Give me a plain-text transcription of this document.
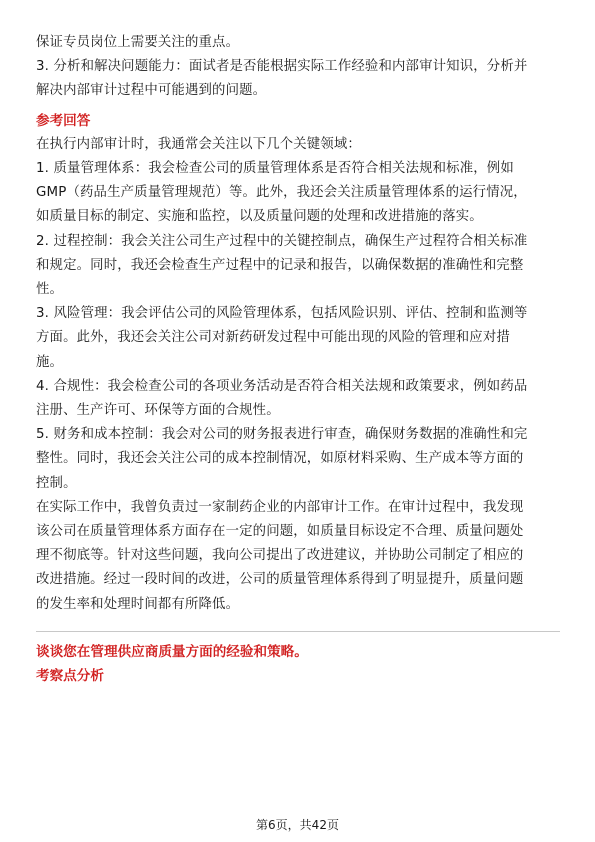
保证专员岗位上需要关注的重点。
3. 分析和解决问题能力：面试者是否能根据实际工作经验和内部审计知识，分析并
解决内部审计过程中可能遇到的问题。
参考回答
在执行内部审计时，我通常会关注以下几个关键领域：
1. 质量管理体系：我会检查公司的质量管理体系是否符合相关法规和标准，例如
GMP（药品生产质量管理规范）等。此外，我还会关注质量管理体系的运行情况，
如质量目标的制定、实施和监控，以及质量问题的处理和改进措施的落实。
2. 过程控制：我会关注公司生产过程中的关键控制点，确保生产过程符合相关标准
和规定。同时，我还会检查生产过程中的记录和报告，以确保数据的准确性和完整
性。
3. 风险管理：我会评估公司的风险管理体系，包括风险识别、评估、控制和监测等
方面。此外，我还会关注公司对新药研发过程中可能出现的风险的管理和应对措
施。
4. 合规性：我会检查公司的各项业务活动是否符合相关法规和政策要求，例如药品
注册、生产许可、环保等方面的合规性。
5. 财务和成本控制：我会对公司的财务报表进行审查，确保财务数据的准确性和完
整性。同时，我还会关注公司的成本控制情况，如原材料采购、生产成本等方面的
控制。
在实际工作中，我曾负责过一家制药企业的内部审计工作。在审计过程中，我发现
该公司在质量管理体系方面存在一定的问题，如质量目标设定不合理、质量问题处
理不彻底等。针对这些问题，我向公司提出了改进建议，并协助公司制定了相应的
改进措施。经过一段时间的改进，公司的质量管理体系得到了明显提升，质量问题
的发生率和处理时间都有所降低。
谈谈您在管理供应商质量方面的经验和策略。
考察点分析
第6页，共42页
